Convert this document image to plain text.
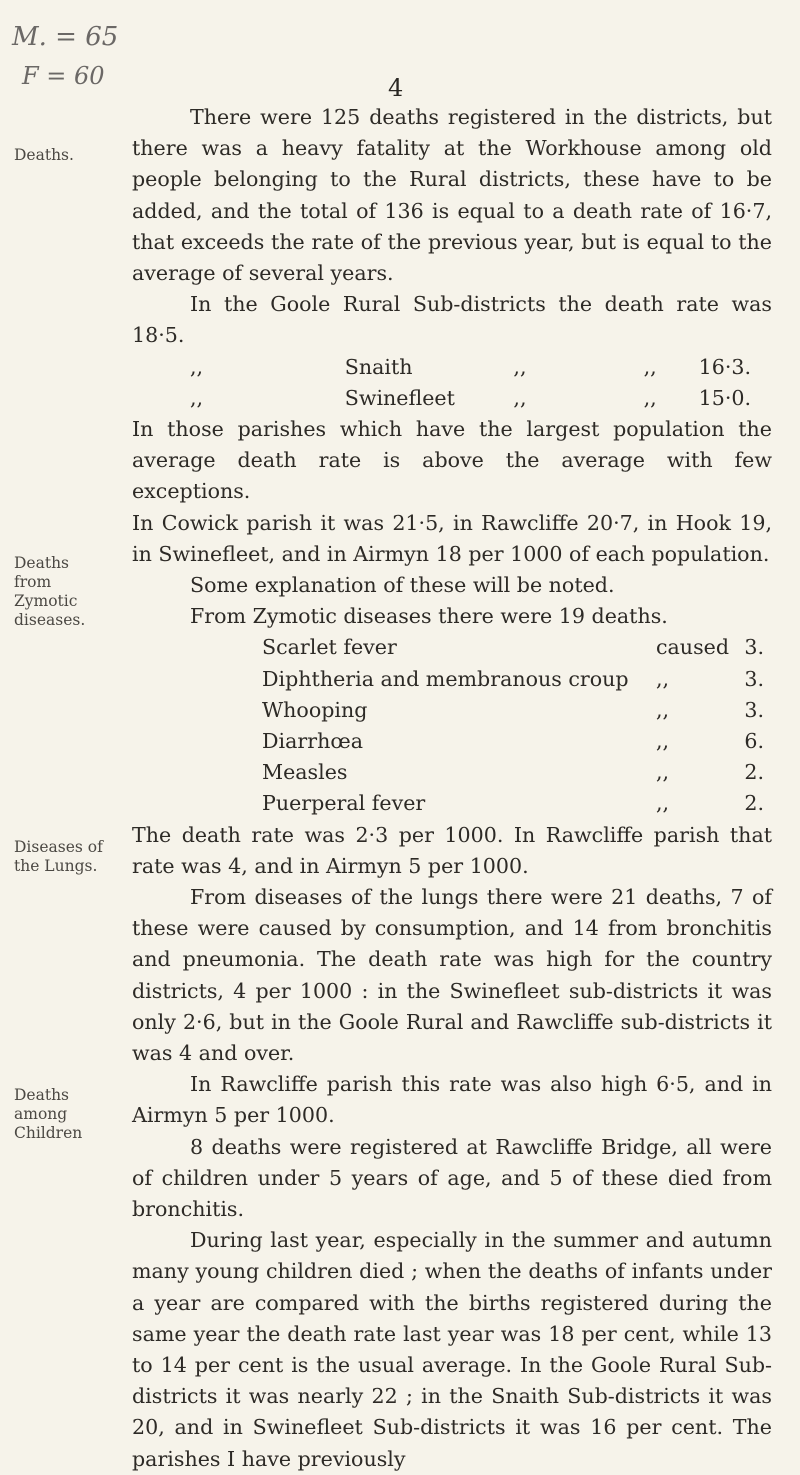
M. = 65
F = 60	4
Deaths.
Deaths from Zymotic diseases.
Diseases of the Lungs.
Deaths among Children

There were 125 deaths registered in the districts, but there was a heavy fatality at the Workhouse among old people belonging to the Rural districts, these have to be added, and the total of 136 is equal to a death rate of 16·7, that exceeds the rate of the previous year, but is equal to the average of several years.

In the Goole Rural Sub-districts the death rate was 18·5.

,,	Snaith	,,	,,	16·3.
,,	Swinefleet	,,	,,	15·0.

In those parishes which have the largest population the average death rate is above the average with few exceptions.

In Cowick parish it was 21·5, in Rawcliffe 20·7, in Hook 19, in Swinefleet, and in Airmyn 18 per 1000 of each population.

Some explanation of these will be noted.

From Zymotic diseases there were 19 deaths.

Scarlet fever	caused 3.
Diphtheria and membranous croup	,,	3.
Whooping	,,	3.
Diarrhœa	,,	6.
Measles	,,	2.
Puerperal fever	,,	2.

The death rate was 2·3 per 1000. In Rawcliffe parish that rate was 4, and in Airmyn 5 per 1000.

From diseases of the lungs there were 21 deaths, 7 of these were caused by consumption, and 14 from bronchitis and pneumonia. The death rate was high for the country districts, 4 per 1000 : in the Swinefleet sub-districts it was only 2·6, but in the Goole Rural and Rawcliffe sub-districts it was 4 and over.

In Rawcliffe parish this rate was also high 6·5, and in Airmyn 5 per 1000.

8 deaths were registered at Rawcliffe Bridge, all were of children under 5 years of age, and 5 of these died from bronchitis.

During last year, especially in the summer and autumn many young children died ; when the deaths of infants under a year are compared with the births registered during the same year the death rate last year was 18 per cent, while 13 to 14 per cent is the usual average. In the Goole Rural Sub-districts it was nearly 22 ; in the Snaith Sub-districts it was 20, and in Swinefleet Sub-districts it was 16 per cent. The parishes I have previously
